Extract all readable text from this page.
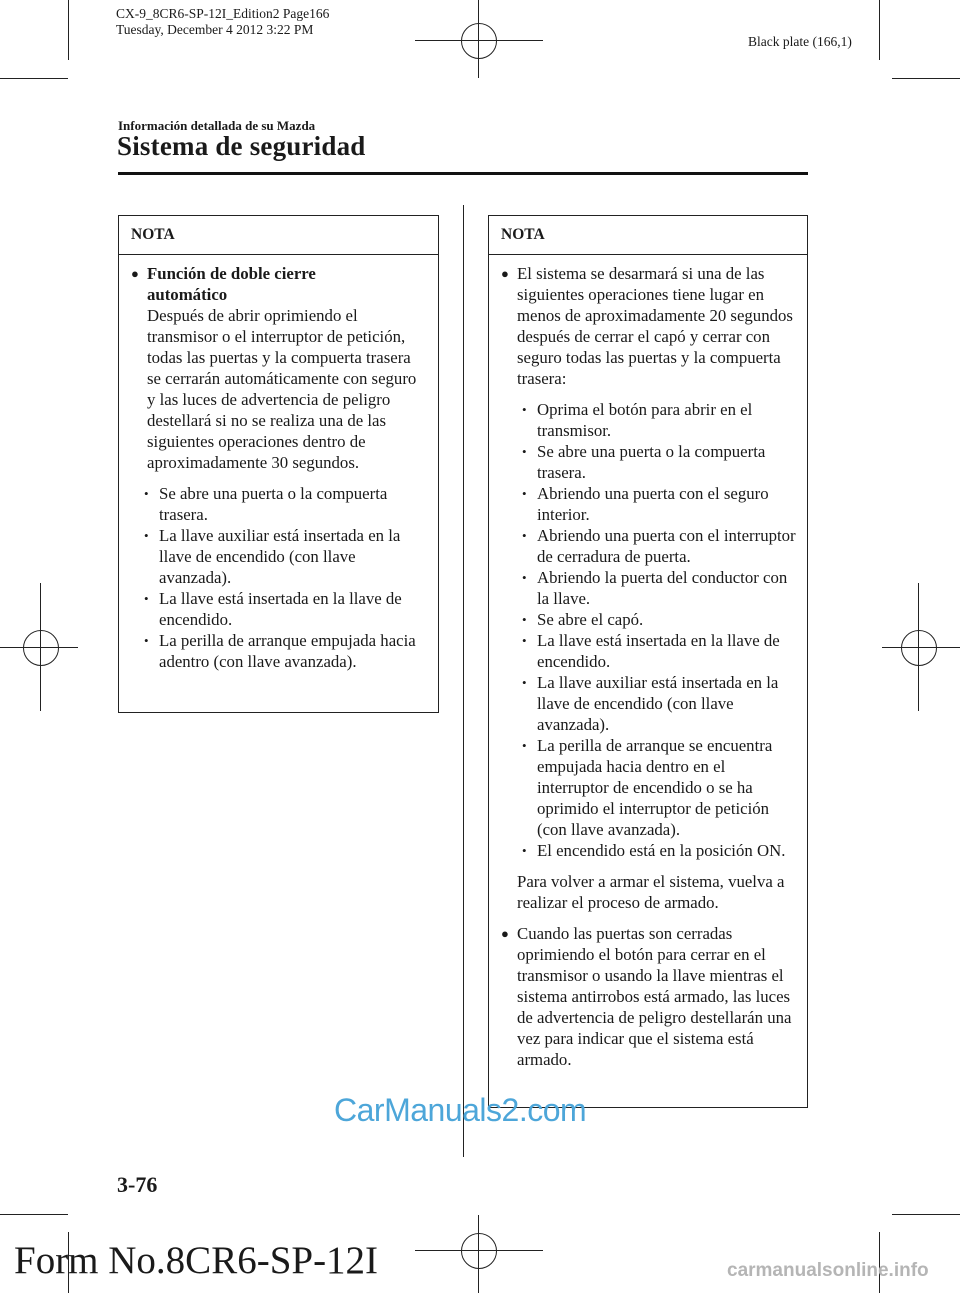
CX-9_8CR6-SP-12I_Edition2 Page166
Tuesday, December 4 2012 3:22 PM
Black plate (166,1)
Información detallada de su Mazda
Sistema de seguridad
NOTA
● Función de doble cierre
automático
Después de abrir oprimiendo el transmisor o el interruptor de petición, todas las puertas y la compuerta trasera se cerrarán automáticamente con seguro y las luces de advertencia de peligro destellará si no se realiza una de las siguientes operaciones dentro de aproximadamente 30 segundos.
• Se abre una puerta o la compuerta trasera.
• La llave auxiliar está insertada en la llave de encendido (con llave avanzada).
• La llave está insertada en la llave de encendido.
• La perilla de arranque empujada hacia adentro (con llave avanzada).
NOTA
● El sistema se desarmará si una de las siguientes operaciones tiene lugar en menos de aproximadamente 20 segundos después de cerrar el capó y cerrar con seguro todas las puertas y la compuerta trasera:
• Oprima el botón para abrir en el transmisor.
• Se abre una puerta o la compuerta trasera.
• Abriendo una puerta con el seguro interior.
• Abriendo una puerta con el interruptor de cerradura de puerta.
• Abriendo la puerta del conductor con la llave.
• Se abre el capó.
• La llave está insertada en la llave de encendido.
• La llave auxiliar está insertada en la llave de encendido (con llave avanzada).
• La perilla de arranque se encuentra empujada hacia dentro en el interruptor de encendido o se ha oprimido el interruptor de petición (con llave avanzada).
• El encendido está en la posición ON.
Para volver a armar el sistema, vuelva a realizar el proceso de armado.
● Cuando las puertas son cerradas oprimiendo el botón para cerrar en el transmisor o usando la llave mientras el sistema antirrobos está armado, las luces de advertencia de peligro destellarán una vez para indicar que el sistema está armado.
CarManuals2.com
3-76
Form No.8CR6-SP-12I	carmanualsonline.info
